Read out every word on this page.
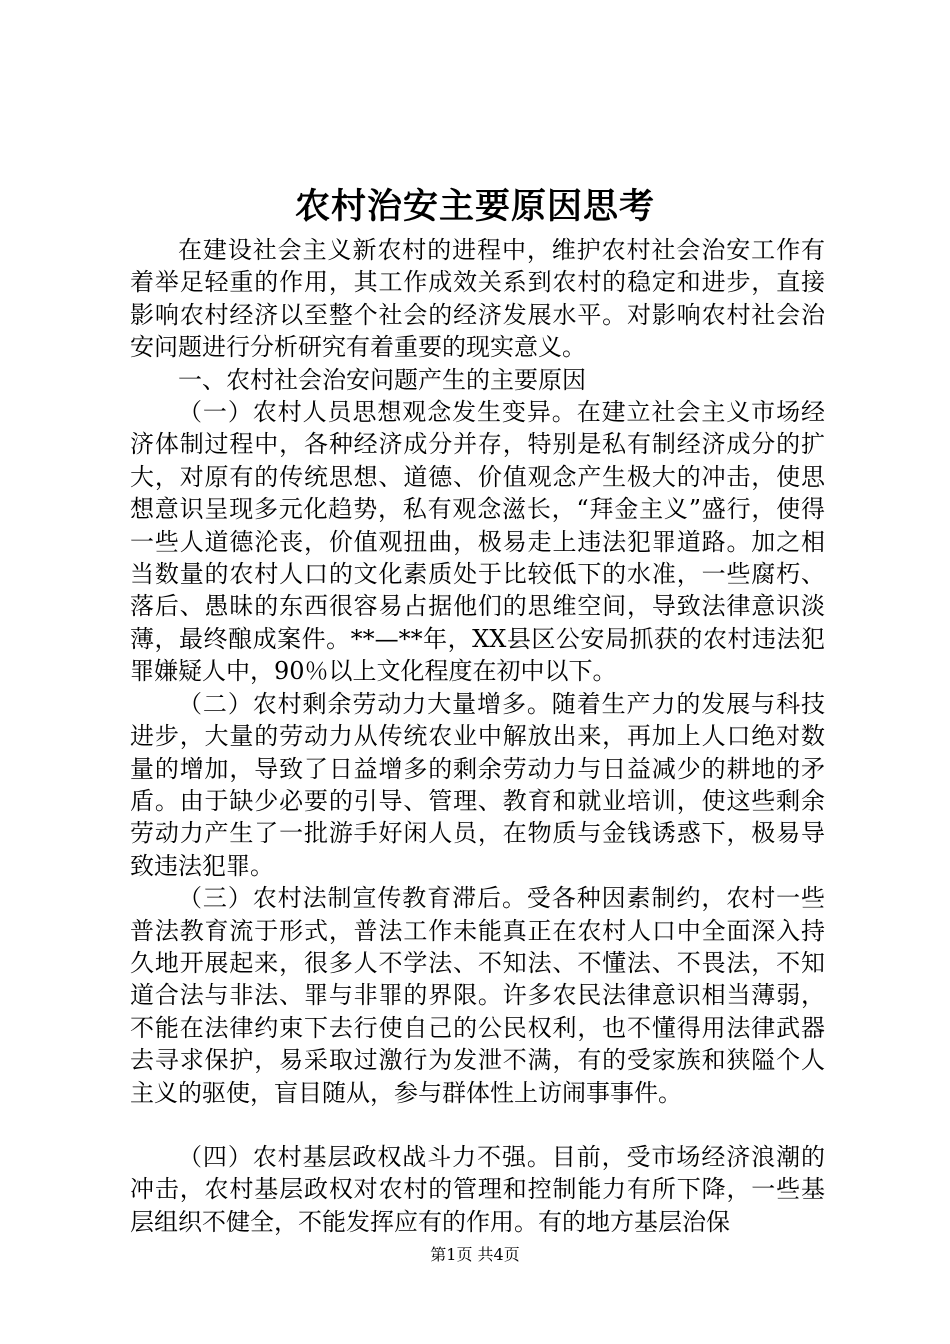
农村治安主要原因思考

在建设社会主义新农村的进程中，维护农村社会治安工作有着举足轻重的作用，其工作成效关系到农村的稳定和进步，直接影响农村经济以至整个社会的经济发展水平。对影响农村社会治安问题进行分析研究有着重要的现实意义。

一、农村社会治安问题产生的主要原因

（一）农村人员思想观念发生变异。在建立社会主义市场经济体制过程中，各种经济成分并存，特别是私有制经济成分的扩大，对原有的传统思想、道德、价值观念产生极大的冲击，使思想意识呈现多元化趋势，私有观念滋长，“拜金主义”盛行，使得一些人道德沦丧，价值观扭曲，极易走上违法犯罪道路。加之相当数量的农村人口的文化素质处于比较低下的水准，一些腐朽、落后、愚昧的东西很容易占据他们的思维空间，导致法律意识淡薄，最终酿成案件。**—**年，XX县区公安局抓获的农村违法犯罪嫌疑人中，90％以上文化程度在初中以下。

（二）农村剩余劳动力大量增多。随着生产力的发展与科技进步，大量的劳动力从传统农业中解放出来，再加上人口绝对数量的增加，导致了日益增多的剩余劳动力与日益减少的耕地的矛盾。由于缺少必要的引导、管理、教育和就业培训，使这些剩余劳动力产生了一批游手好闲人员，在物质与金钱诱惑下，极易导致违法犯罪。

（三）农村法制宣传教育滞后。受各种因素制约，农村一些普法教育流于形式，普法工作未能真正在农村人口中全面深入持久地开展起来，很多人不学法、不知法、不懂法、不畏法，不知道合法与非法、罪与非罪的界限。许多农民法律意识相当薄弱，不能在法律约束下去行使自己的公民权利，也不懂得用法律武器去寻求保护，易采取过激行为发泄不满，有的受家族和狭隘个人主义的驱使，盲目随从，参与群体性上访闹事事件。

（四）农村基层政权战斗力不强。目前，受市场经济浪潮的冲击，农村基层政权对农村的管理和控制能力有所下降，一些基层组织不健全，不能发挥应有的作用。有的地方基层治保

第1页 共4页
